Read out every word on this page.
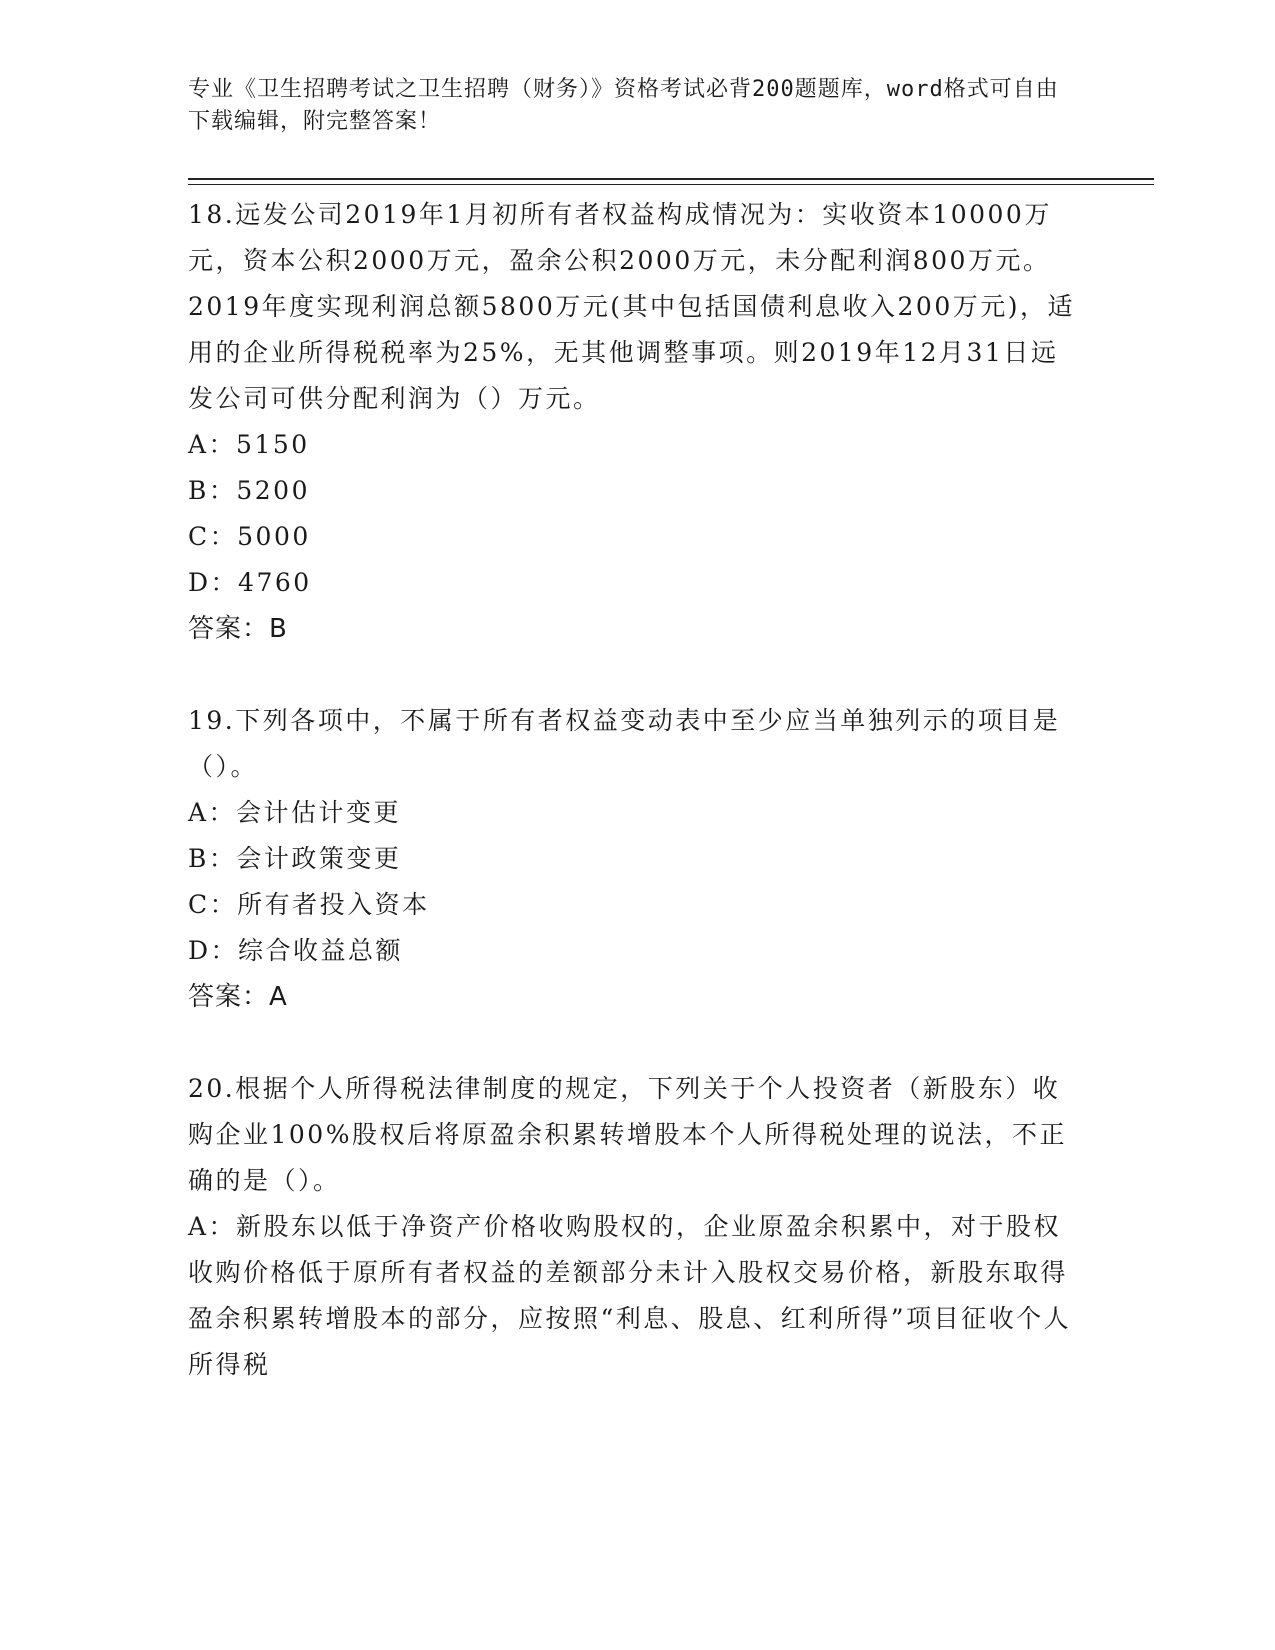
专业《卫生招聘考试之卫生招聘（财务）》资格考试必背200题题库，word格式可自由下载编辑，附完整答案！

18.远发公司2019年1月初所有者权益构成情况为：实收资本10000万元，资本公积2000万元，盈余公积2000万元，未分配利润800万元。2019年度实现利润总额5800万元(其中包括国债利息收入200万元)，适用的企业所得税税率为25%，无其他调整事项。则2019年12月31日远发公司可供分配利润为（）万元。

A：5150

B：5200

C：5000

D：4760

答案：B

19.下列各项中，不属于所有者权益变动表中至少应当单独列示的项目是（）。

A：会计估计变更

B：会计政策变更

C：所有者投入资本

D：综合收益总额

答案：A

20.根据个人所得税法律制度的规定，下列关于个人投资者（新股东）收购企业100%股权后将原盈余积累转增股本个人所得税处理的说法，不正确的是（）。

A：新股东以低于净资产价格收购股权的，企业原盈余积累中，对于股权收购价格低于原所有者权益的差额部分未计入股权交易价格，新股东取得盈余积累转增股本的部分，应按照“利息、股息、红利所得”项目征收个人所得税
